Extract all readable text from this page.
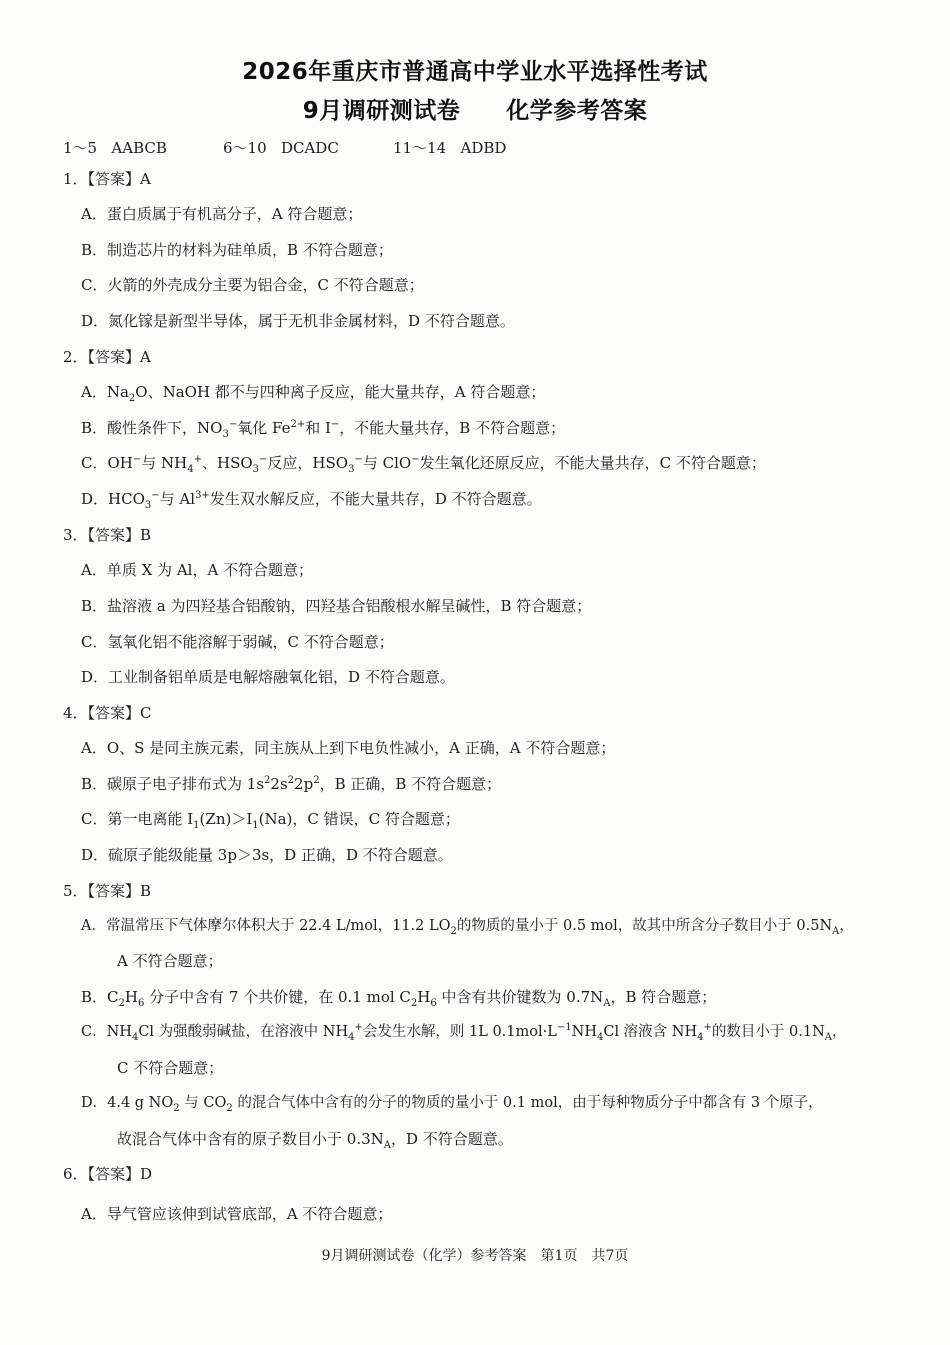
2026年重庆市普通高中学业水平选择性考试
9月调研测试卷 化学参考答案
1～5 AABCB	6～10 DCADC	11～14 ADBD
1．【答案】A
A．蛋白质属于有机高分子，A 符合题意；
B．制造芯片的材料为硅单质，B 不符合题意；
C．火箭的外壳成分主要为铝合金，C 不符合题意；
D．氮化镓是新型半导体，属于无机非金属材料，D 不符合题意。
2．【答案】A
A．$Na_2O$、NaOH 都不与四种离子反应，能大量共存，A 符合题意；
B．酸性条件下，$NO_3^-$氧化 $Fe^{2+}$和 I−，不能大量共存，B 不符合题意；
C．OH−与 $NH_4^+$、$HSO_3^-$反应，$HSO_3^-$与 ClO−发生氧化还原反应，不能大量共存，C 不符合题意；
D．$HCO_3^-$与 $Al^{3+}$发生双水解反应，不能大量共存，D 不符合题意。
3．【答案】B
A．单质 X 为 Al，A 不符合题意；
B．盐溶液 a 为四羟基合铝酸钠，四羟基合铝酸根水解呈碱性，B 符合题意；
C．氢氧化铝不能溶解于弱碱，C 不符合题意；
D．工业制备铝单质是电解熔融氧化铝，D 不符合题意。
4．【答案】C
A．O、S 是同主族元素，同主族从上到下电负性减小，A 正确，A 不符合题意；
B．碳原子电子排布式为 $1s^22s^22p^2$，B 正确，B 不符合题意；
C．第一电离能 $I_1(Zn)>I_1(Na)$，C 错误，C 符合题意；
D．硫原子能级能量 3p＞3s，D 正确，D 不符合题意。
5．【答案】B
A．常温常压下气体摩尔体积大于 22.4 L/mol，11.2 $LO_2$的物质的量小于 0.5 mol，故其中所含分子数目小于 $0.5N_A$，
A 不符合题意；
B．$C_2H_6$ 分子中含有 7 个共价键，在 0.1 mol $C_2H_6$ 中含有共价键数为 $0.7N_A$，B 符合题意；
C．$NH_4Cl$ 为强酸弱碱盐，在溶液中 $NH_4^+$会发生水解，则 1L $0.1mol\cdot L^{-1}NH_4Cl$ 溶液含 $NH_4^+$的数目小于 $0.1N_A$，
C 不符合题意；
D．4.4 g $NO_2$ 与 $CO_2$ 的混合气体中含有的分子的物质的量小于 0.1 mol，由于每种物质分子中都含有 3 个原子，
故混合气体中含有的原子数目小于 $0.3N_A$，D 不符合题意。
6．【答案】D
A．导气管应该伸到试管底部，A 不符合题意；
9月调研测试卷（化学）参考答案　第1页　共7页
